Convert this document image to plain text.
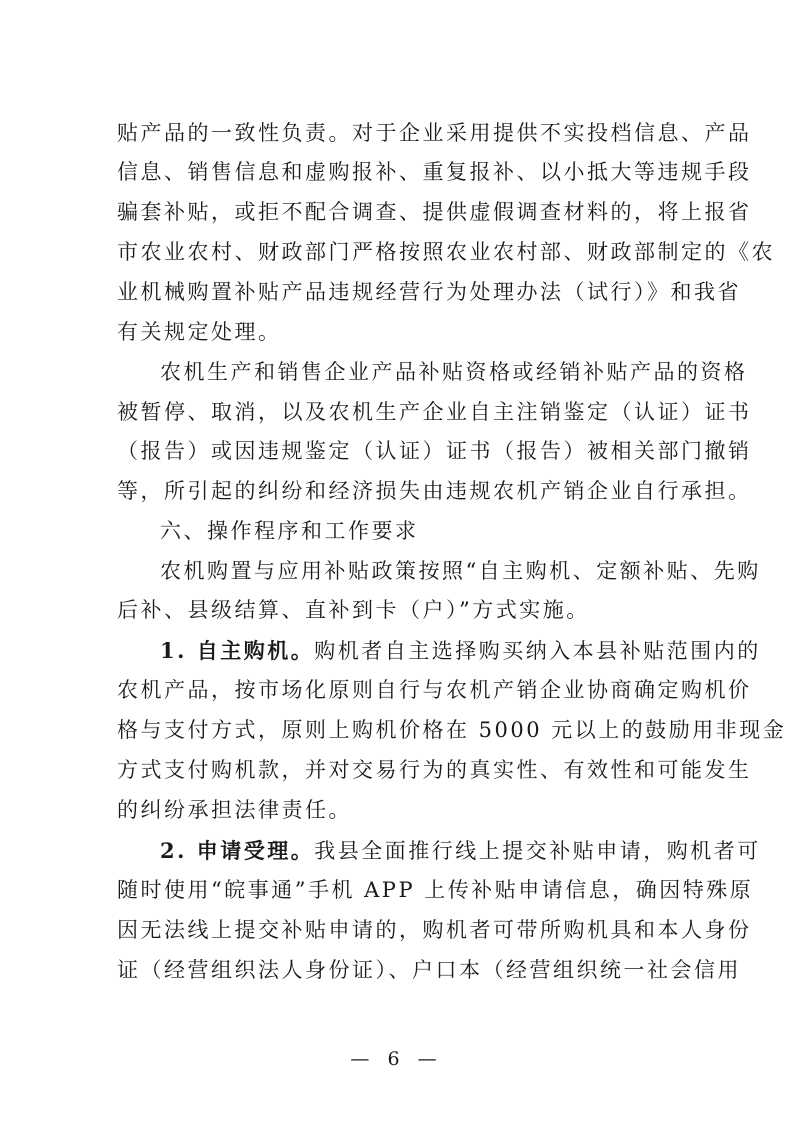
贴产品的一致性负责。对于企业采用提供不实投档信息、产品
信息、销售信息和虚购报补、重复报补、以小抵大等违规手段
骗套补贴，或拒不配合调查、提供虚假调查材料的，将上报省
市农业农村、财政部门严格按照农业农村部、财政部制定的《农
业机械购置补贴产品违规经营行为处理办法（试行）》和我省
有关规定处理。
农机生产和销售企业产品补贴资格或经销补贴产品的资格
被暂停、取消，以及农机生产企业自主注销鉴定（认证）证书
（报告）或因违规鉴定（认证）证书（报告）被相关部门撤销
等，所引起的纠纷和经济损失由违规农机产销企业自行承担。
六、操作程序和工作要求
农机购置与应用补贴政策按照“自主购机、定额补贴、先购
后补、县级结算、直补到卡（户）”方式实施。
1. 自主购机。购机者自主选择购买纳入本县补贴范围内的
农机产品，按市场化原则自行与农机产销企业协商确定购机价
格与支付方式，原则上购机价格在 5000 元以上的鼓励用非现金
方式支付购机款，并对交易行为的真实性、有效性和可能发生
的纠纷承担法律责任。
2. 申请受理。我县全面推行线上提交补贴申请，购机者可
随时使用“皖事通”手机 APP 上传补贴申请信息，确因特殊原
因无法线上提交补贴申请的，购机者可带所购机具和本人身份
证（经营组织法人身份证）、户口本（经营组织统一社会信用
— 6 —
